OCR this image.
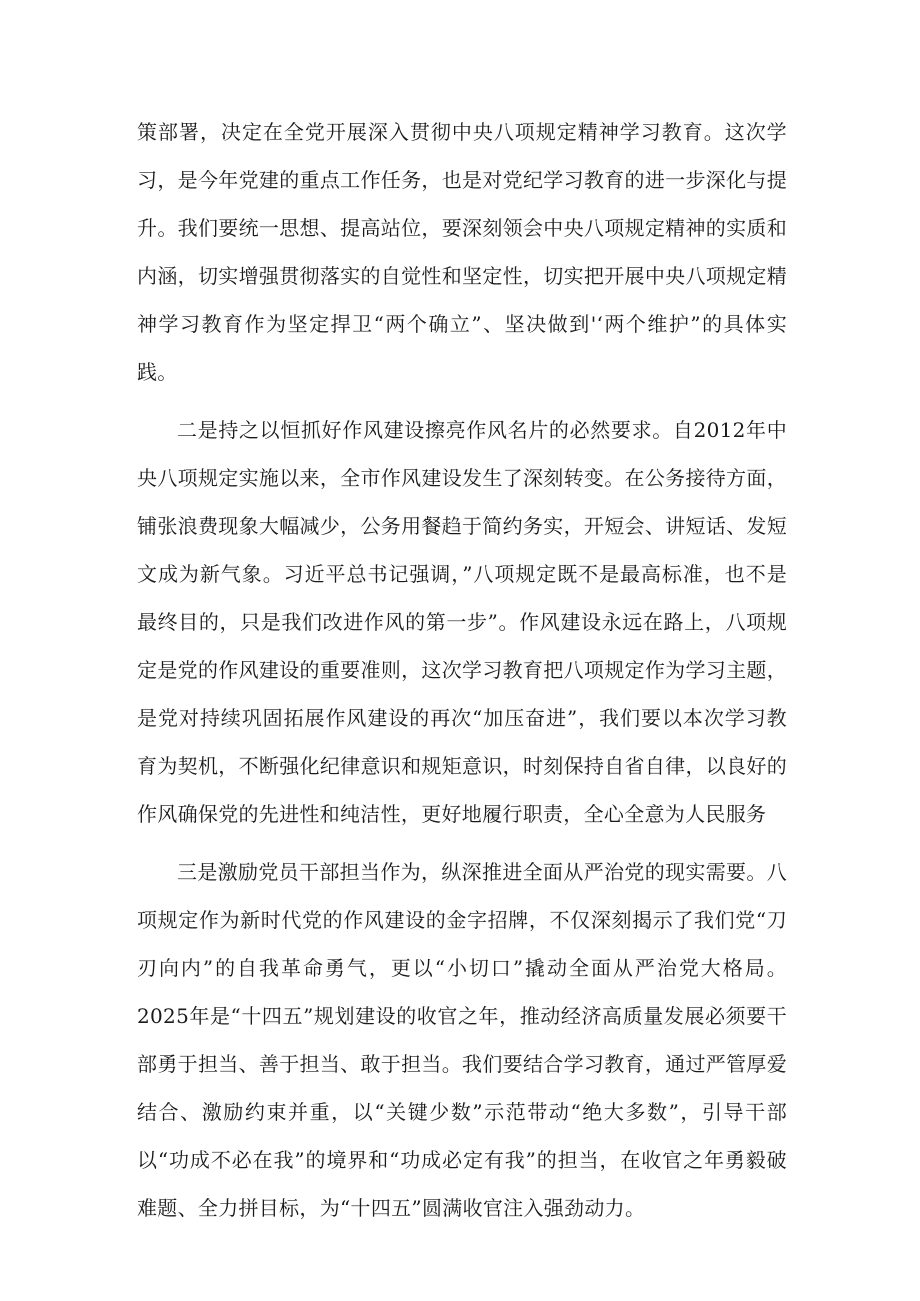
策部署，决定在全党开展深入贯彻中央八项规定精神学习教育。这次学习，是今年党建的重点工作任务，也是对党纪学习教育的进一步深化与提升。我们要统一思想、提高站位，要深刻领会中央八项规定精神的实质和内涵，切实增强贯彻落实的自觉性和坚定性，切实把开展中央八项规定精神学习教育作为坚定捍卫“两个确立”、坚决做到'‘两个维护”的具体实践。

二是持之以恒抓好作风建设擦亮作风名片的必然要求。自2012年中央八项规定实施以来，全市作风建设发生了深刻转变。在公务接待方面，铺张浪费现象大幅减少，公务用餐趋于简约务实，开短会、讲短话、发短文成为新气象。习近平总书记强调，”八项规定既不是最高标准，也不是最终目的，只是我们改进作风的第一步”。作风建设永远在路上，八项规定是党的作风建设的重要准则，这次学习教育把八项规定作为学习主题，是党对持续巩固拓展作风建设的再次“加压奋进”，我们要以本次学习教育为契机，不断强化纪律意识和规矩意识，时刻保持自省自律，以良好的作风确保党的先进性和纯洁性，更好地履行职责，全心全意为人民服务

三是激励党员干部担当作为，纵深推进全面从严治党的现实需要。八项规定作为新时代党的作风建设的金字招牌，不仅深刻揭示了我们党“刀刃向内”的自我革命勇气，更以“小切口”撬动全面从严治党大格局。2025年是“十四五”规划建设的收官之年，推动经济高质量发展必须要干部勇于担当、善于担当、敢于担当。我们要结合学习教育，通过严管厚爱结合、激励约束并重，以“关键少数”示范带动“绝大多数”，引导干部以“功成不必在我”的境界和“功成必定有我”的担当，在收官之年勇毅破难题、全力拼目标，为“十四五”圆满收官注入强劲动力。
